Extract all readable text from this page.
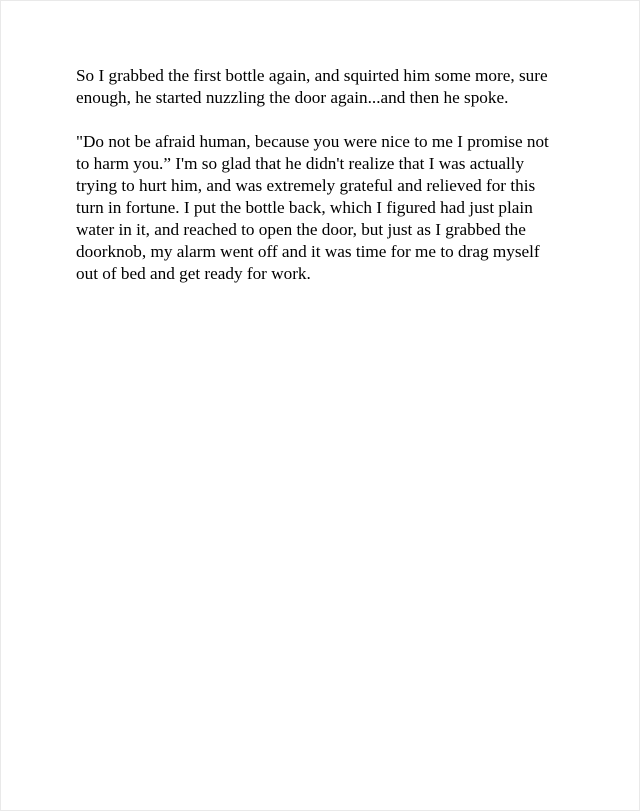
So I grabbed the first bottle again, and squirted him some more, sure
enough, he started nuzzling the door again...and then he spoke.

"Do not be afraid human, because you were nice to me I promise not
to harm you.” I'm so glad that he didn't realize that I was actually
trying to hurt him, and was extremely grateful and relieved for this
turn in fortune. I put the bottle back, which I figured had just plain
water in it, and reached to open the door, but just as I grabbed the
doorknob, my alarm went off and it was time for me to drag myself
out of bed and get ready for work.
